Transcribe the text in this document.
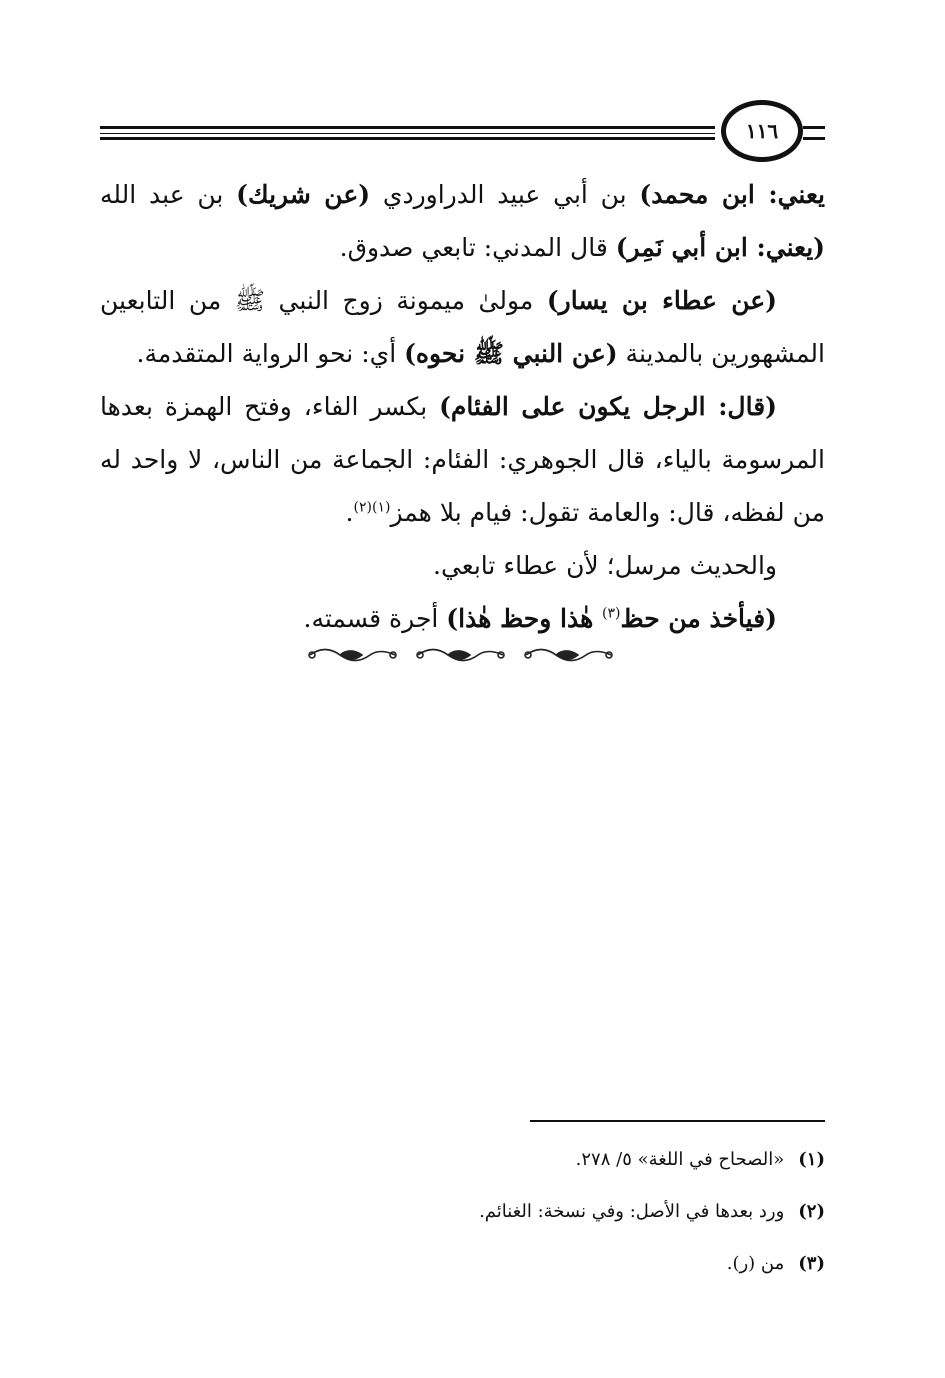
١١٦

يعني: ابن محمد) بن أبي عبيد الدراوردي (عن شريك) بن عبد الله (يعني: ابن أبي نَمِر) قال المدني: تابعي صدوق.

(عن عطاء بن يسار) مولىٰ ميمونة زوج النبي ﷺ من التابعين المشهورين بالمدينة (عن النبي ﷺ نحوه) أي: نحو الرواية المتقدمة.

(قال: الرجل يكون على الفئام) بكسر الفاء، وفتح الهمزة بعدها المرسومة بالياء، قال الجوهري: الفئام: الجماعة من الناس، لا واحد له من لفظه، قال: والعامة تقول: فيام بلا همز$^{(١)(٢)}$.

والحديث مرسل؛ لأن عطاء تابعي.

(فيأخذ من حظ$^{(٣)}$ هٰذا وحظ هٰذا) أجرة قسمته.

(١)«الصحاح في اللغة» ٥/ ٢٧٨.

(٢)ورد بعدها في الأصل: وفي نسخة: الغنائم.

(٣)من (ر).
